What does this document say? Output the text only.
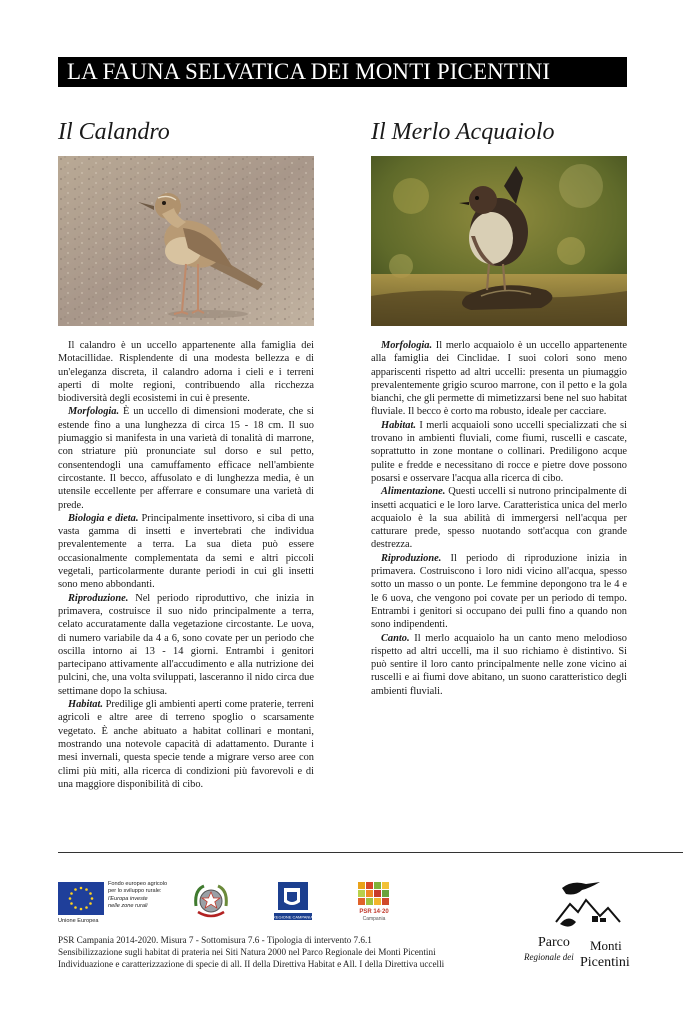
LA FAUNA SELVATICA DEI MONTI PICENTINI
Il Calandro

Il calandro è un uccello appartenente alla famiglia dei Motacillidae. Risplendente di una modesta bellezza e di un'eleganza discreta, il calandro adorna i cieli e i terreni aperti di molte regioni, contribuendo alla ricchezza biodiversità degli ecosistemi in cui è presente.

Morfologia. È un uccello di dimensioni moderate, che si estende fino a una lunghezza di circa 15 - 18 cm. Il suo piumaggio si manifesta in una varietà di tonalità di marrone, con striature più pronunciate sul dorso e sul petto, consentendogli una camuffamento efficace nell'ambiente circostante. Il becco, affusolato e di lunghezza media, è un utensile eccellente per afferrare e consumare una varietà di prede.

Biologia e dieta. Principalmente insettivoro, si ciba di una vasta gamma di insetti e invertebrati che individua prevalentemente a terra. La sua dieta può essere occasionalmente complementata da semi e altri piccoli vegetali, particolarmente durante periodi in cui gli insetti sono meno abbondanti.

Riproduzione. Nel periodo riproduttivo, che inizia in primavera, costruisce il suo nido principalmente a terra, celato accuratamente dalla vegetazione circostante. Le uova, di numero variabile da 4 a 6, sono covate per un periodo che oscilla intorno ai 13 - 14 giorni. Entrambi i genitori partecipano attivamente all'accudimento e alla nutrizione dei pulcini, che, una volta sviluppati, lasceranno il nido circa due settimane dopo la schiusa.

Habitat. Predilige gli ambienti aperti come praterie, terreni agricoli e altre aree di terreno spoglio o scarsamente vegetato. È anche abituato a habitat collinari e montani, mostrando una notevole capacità di adattamento. Durante i mesi invernali, questa specie tende a migrare verso aree con climi più miti, alla ricerca di condizioni più favorevoli e di una maggiore disponibilità di cibo.

Il Merlo Acquaiolo

Morfologia. Il merlo acquaiolo è un uccello appartenente alla famiglia dei Cinclidae. I suoi colori sono meno appariscenti rispetto ad altri uccelli: presenta un piumaggio prevalentemente grigio scuroo marrone, con il petto e la gola bianchi, che gli permette di mimetizzarsi bene nel suo habitat fluviale. Il becco è corto ma robusto, ideale per cacciare.

Habitat. I merli acquaioli sono uccelli specializzati che si trovano in ambienti fluviali, come fiumi, ruscelli e cascate, soprattutto in zone montane o collinari. Prediligono acque pulite e fredde e necessitano di rocce e pietre dove possono posarsi e osservare l'acqua alla ricerca di cibo.

Alimentazione. Questi uccelli si nutrono principalmente di insetti acquatici e le loro larve. Caratteristica unica del merlo acquaiolo è la sua abilità di immergersi nell'acqua per catturare prede, spesso nuotando sott'acqua con grande destrezza.

Riproduzione. Il periodo di riproduzione inizia in primavera. Costruiscono i loro nidi vicino all'acqua, spesso sotto un masso o un ponte. Le femmine depongono tra le 4 e le 6 uova, che vengono poi covate per un periodo di tempo. Entrambi i genitori si occupano dei pulli fino a quando non sono indipendenti.

Canto. Il merlo acquaiolo ha un canto meno melodioso rispetto ad altri uccelli, ma il suo richiamo è distintivo. Si può sentire il loro canto principalmente nelle zone vicino ai ruscelli e ai fiumi dove abitano, un suono caratteristico degli ambienti fluviali.

Fondo europeo agricolo
per lo sviluppo rurale:
l'Europa investe
nelle zone rurali
Unione Europea
REGIONE CAMPANIA
PSR 14·20
Campania
PSR Campania 2014-2020. Misura 7 - Sottomisura 7.6 - Tipologia di intervento 7.6.1
Sensibilizzazione sugli habitat di prateria nei Siti Natura 2000 nel Parco Regionale dei Monti Picentini
Individuazione e caratterizzazione di specie di all. II della Direttiva Habitat e All. I della Direttiva uccelli
Parco
Regionale dei
Monti
Picentini
